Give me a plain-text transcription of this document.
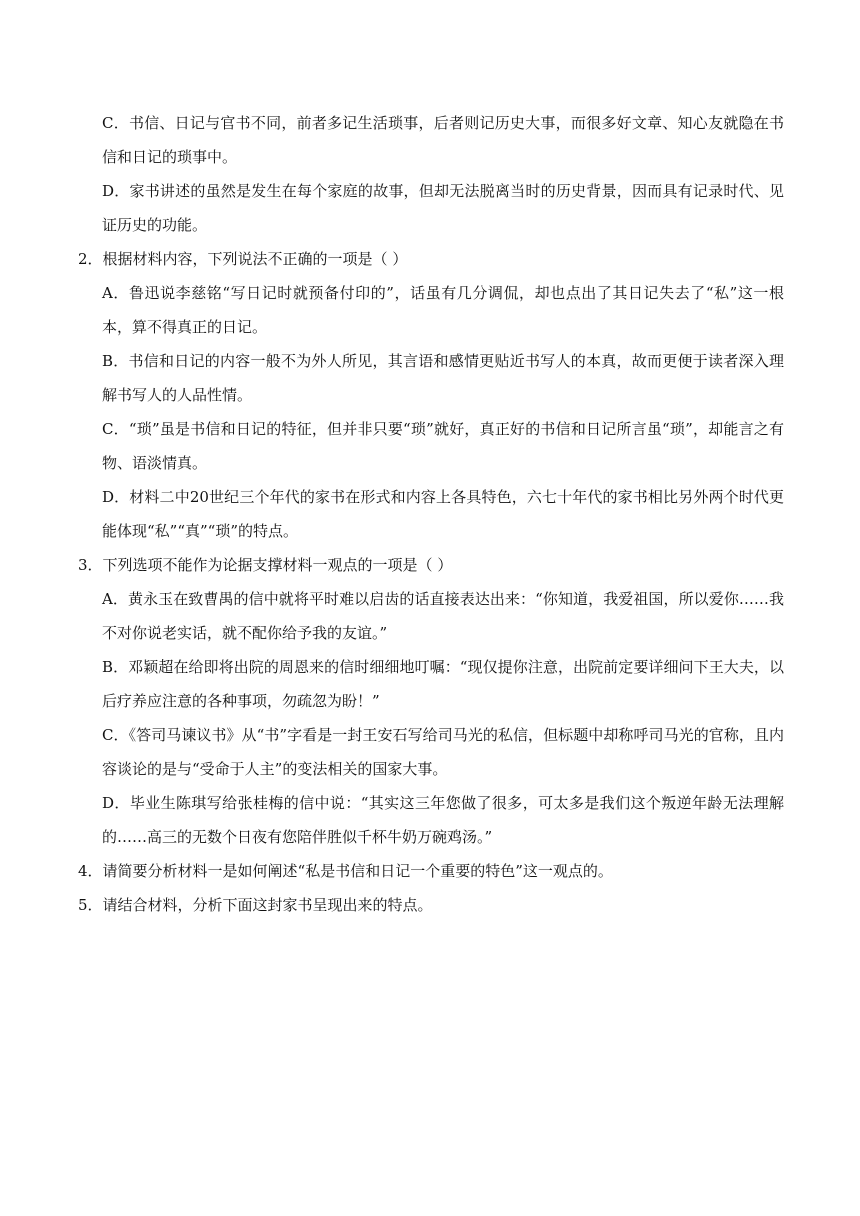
C．书信、日记与官书不同，前者多记生活琐事，后者则记历史大事，而很多好文章、知心友就隐在书信和日记的琐事中。

D．家书讲述的虽然是发生在每个家庭的故事，但却无法脱离当时的历史背景，因而具有记录时代、见证历史的功能。

2．根据材料内容，下列说法不正确的一项是（ ）

A．鲁迅说李慈铭“写日记时就预备付印的”，话虽有几分调侃，却也点出了其日记失去了“私”这一根本，算不得真正的日记。

B．书信和日记的内容一般不为外人所见，其言语和感情更贴近书写人的本真，故而更便于读者深入理解书写人的人品性情。

C．“琐”虽是书信和日记的特征，但并非只要“琐”就好，真正好的书信和日记所言虽“琐”，却能言之有物、语淡情真。

D．材料二中20世纪三个年代的家书在形式和内容上各具特色，六七十年代的家书相比另外两个时代更能体现“私”“真”“琐”的特点。

3．下列选项不能作为论据支撑材料一观点的一项是（ ）

A．黄永玉在致曹禺的信中就将平时难以启齿的话直接表达出来：“你知道，我爱祖国，所以爱你……我不对你说老实话，就不配你给予我的友谊。”

B．邓颖超在给即将出院的周恩来的信时细细地叮嘱：“现仅提你注意，出院前定要详细问下王大夫，以后疗养应注意的各种事项，勿疏忽为盼！”

C．《答司马谏议书》从“书”字看是一封王安石写给司马光的私信，但标题中却称呼司马光的官称，且内容谈论的是与“受命于人主”的变法相关的国家大事。

D．毕业生陈琪写给张桂梅的信中说：“其实这三年您做了很多，可太多是我们这个叛逆年龄无法理解的……高三的无数个日夜有您陪伴胜似千杯牛奶万碗鸡汤。”

4．请简要分析材料一是如何阐述“私是书信和日记一个重要的特色”这一观点的。

5．请结合材料，分析下面这封家书呈现出来的特点。
